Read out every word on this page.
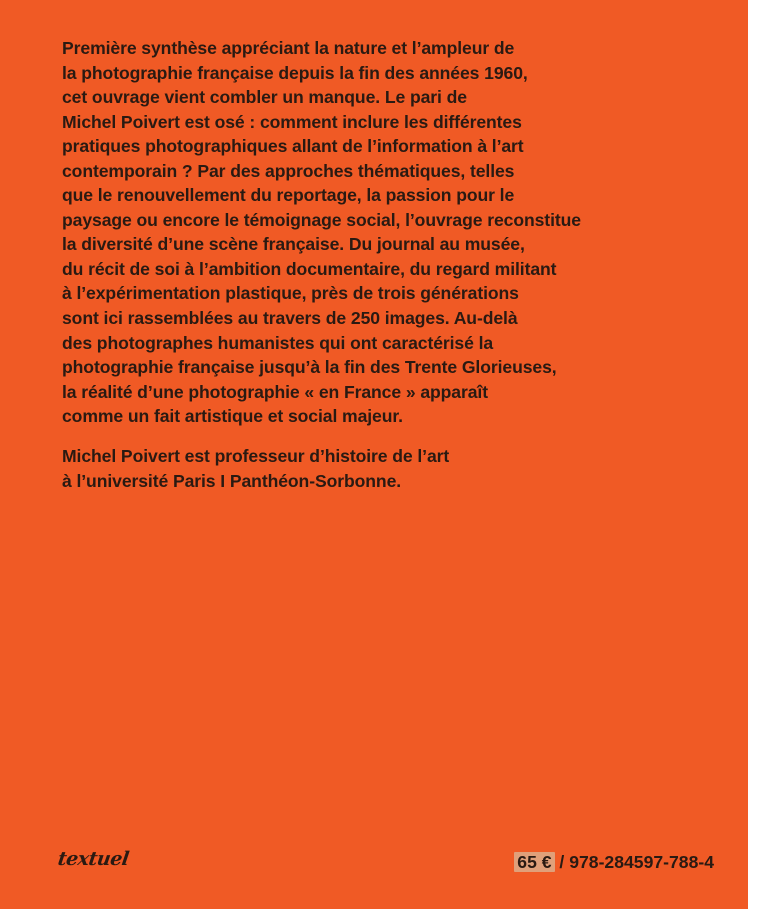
Première synthèse appréciant la nature et l’ampleur de
la photographie française depuis la fin des années 1960,
cet ouvrage vient combler un manque. Le pari de
Michel Poivert est osé : comment inclure les différentes
pratiques photographiques allant de l’information à l’art
contemporain ? Par des approches thématiques, telles
que le renouvellement du reportage, la passion pour le
paysage ou encore le témoignage social, l’ouvrage reconstitue
la diversité d’une scène française. Du journal au musée,
du récit de soi à l’ambition documentaire, du regard militant
à l’expérimentation plastique, près de trois générations
sont ici rassemblées au travers de 250 images. Au-delà
des photographes humanistes qui ont caractérisé la
photographie française jusqu’à la fin des Trente Glorieuses,
la réalité d’une photographie « en France » apparaît
comme un fait artistique et social majeur.
Michel Poivert est professeur d’histoire de l’art
à l’université Paris I Panthéon-Sorbonne.
textuel	65 € / 978-284597-788-4
